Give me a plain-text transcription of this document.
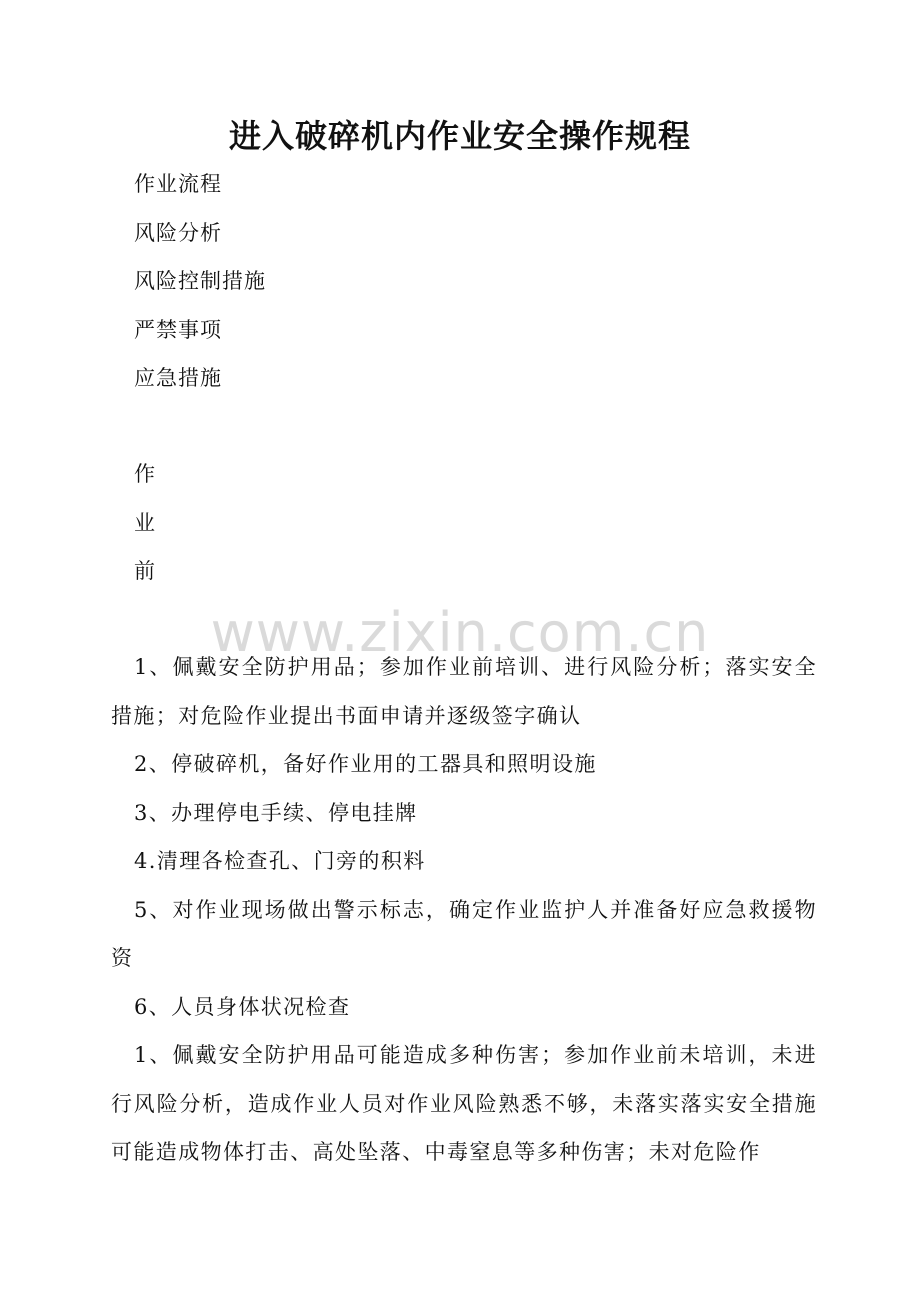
进入破碎机内作业安全操作规程
作业流程
风险分析
风险控制措施
严禁事项
应急措施
作
业
前
www.zixin.com.cn

1、佩戴安全防护用品；参加作业前培训、进行风险分析；落实安全措施；对危险作业提出书面申请并逐级签字确认

2、停破碎机，备好作业用的工器具和照明设施

3、办理停电手续、停电挂牌

4.清理各检查孔、门旁的积料

5、对作业现场做出警示标志，确定作业监护人并准备好应急救援物资

6、人员身体状况检查

1、佩戴安全防护用品可能造成多种伤害；参加作业前未培训，未进行风险分析，造成作业人员对作业风险熟悉不够，未落实落实安全措施可能造成物体打击、高处坠落、中毒窒息等多种伤害；未对危险作
